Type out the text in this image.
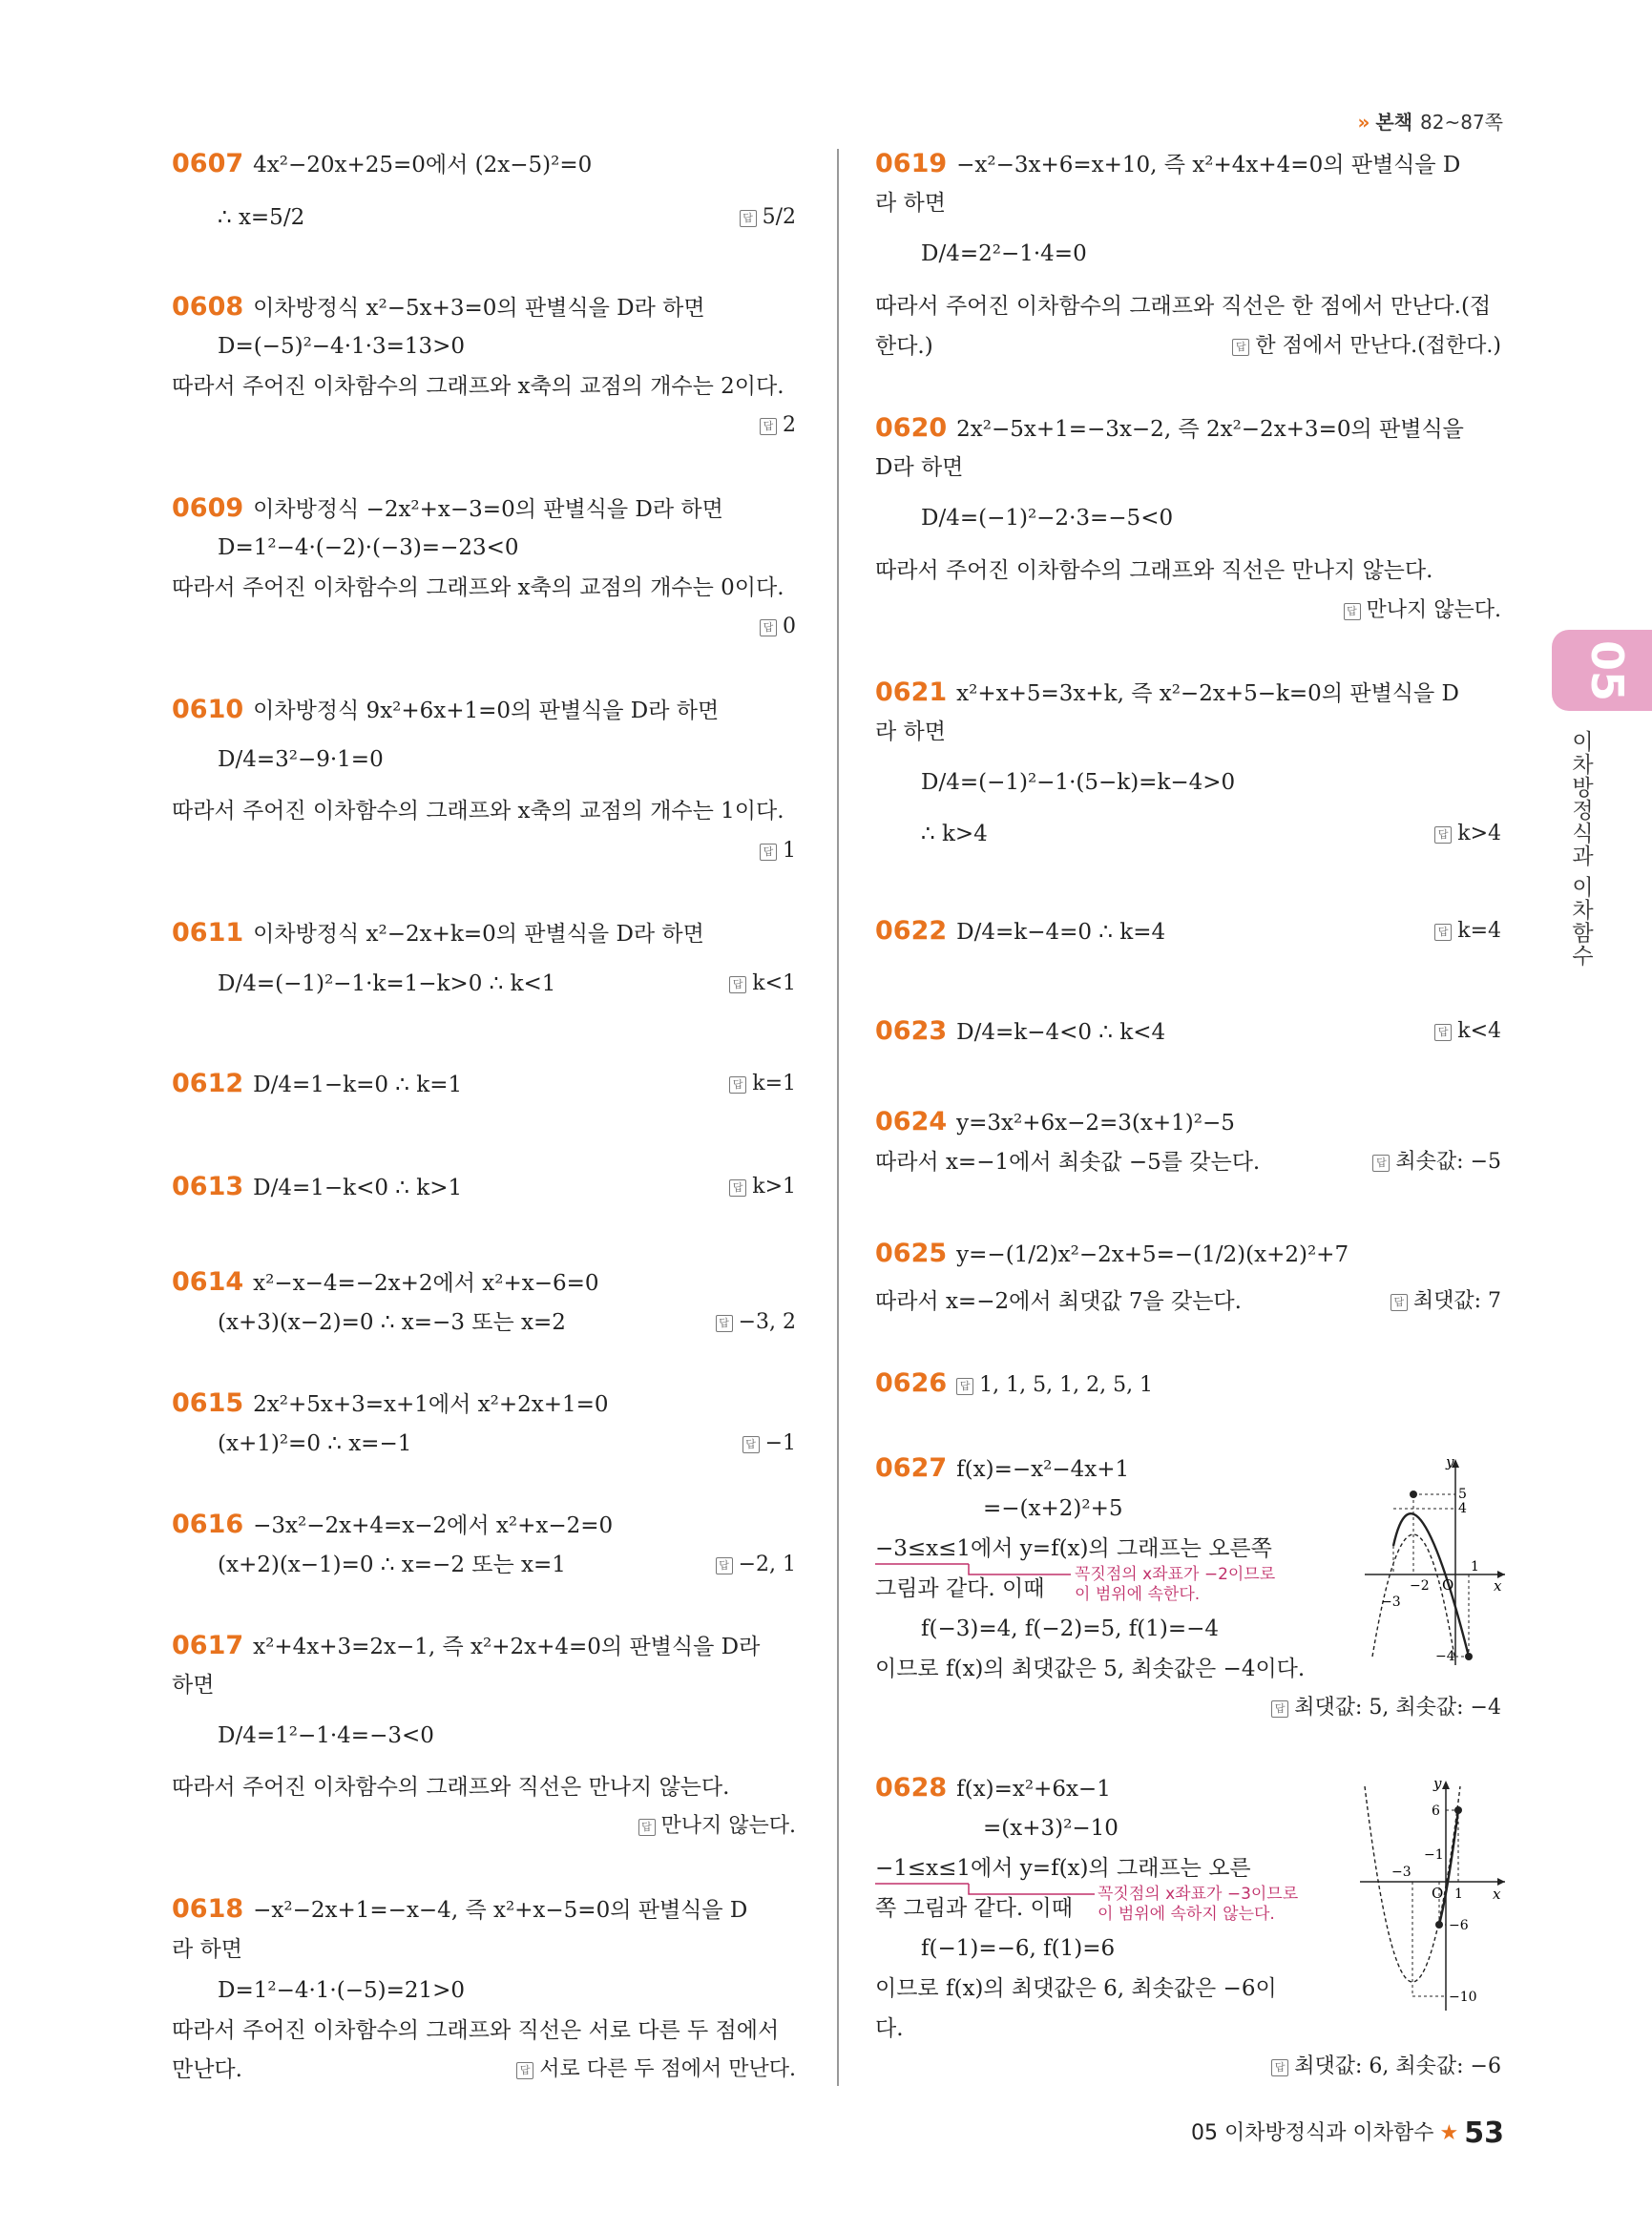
» 본책 82~87쪽
05
이차방정식과 이차함수
0607 4x²−20x+25=0에서 (2x−5)²=0
∴ x=5/2	답 5/2
0608 이차방정식 x²−5x+3=0의 판별식을 D라 하면
D=(−5)²−4·1·3=13>0
따라서 주어진 이차함수의 그래프와 x축의 교점의 개수는 2이다.
답 2
0609 이차방정식 −2x²+x−3=0의 판별식을 D라 하면
D=1²−4·(−2)·(−3)=−23<0
따라서 주어진 이차함수의 그래프와 x축의 교점의 개수는 0이다.
답 0
0610 이차방정식 9x²+6x+1=0의 판별식을 D라 하면
D/4=3²−9·1=0
따라서 주어진 이차함수의 그래프와 x축의 교점의 개수는 1이다.
답 1
0611 이차방정식 x²−2x+k=0의 판별식을 D라 하면
D/4=(−1)²−1·k=1−k>0 ∴ k<1	답 k<1
0612 D/4=1−k=0 ∴ k=1	답 k=1
0613 D/4=1−k<0 ∴ k>1	답 k>1
0614 x²−x−4=−2x+2에서 x²+x−6=0
(x+3)(x−2)=0 ∴ x=−3 또는 x=2	답 −3, 2
0615 2x²+5x+3=x+1에서 x²+2x+1=0
(x+1)²=0 ∴ x=−1	답 −1
0616 −3x²−2x+4=x−2에서 x²+x−2=0
(x+2)(x−1)=0 ∴ x=−2 또는 x=1	답 −2, 1
0617 x²+4x+3=2x−1, 즉 x²+2x+4=0의 판별식을 D라
하면
D/4=1²−1·4=−3<0
따라서 주어진 이차함수의 그래프와 직선은 만나지 않는다.
답 만나지 않는다.
0618 −x²−2x+1=−x−4, 즉 x²+x−5=0의 판별식을 D
라 하면
D=1²−4·1·(−5)=21>0
따라서 주어진 이차함수의 그래프와 직선은 서로 다른 두 점에서
만난다.	답 서로 다른 두 점에서 만난다.
0619 −x²−3x+6=x+10, 즉 x²+4x+4=0의 판별식을 D
라 하면
D/4=2²−1·4=0
따라서 주어진 이차함수의 그래프와 직선은 한 점에서 만난다.(접
한다.)	답 한 점에서 만난다.(접한다.)
0620 2x²−5x+1=−3x−2, 즉 2x²−2x+3=0의 판별식을
D라 하면
D/4=(−1)²−2·3=−5<0
따라서 주어진 이차함수의 그래프와 직선은 만나지 않는다.
답 만나지 않는다.
0621 x²+x+5=3x+k, 즉 x²−2x+5−k=0의 판별식을 D
라 하면
D/4=(−1)²−1·(5−k)=k−4>0
∴ k>4	답 k>4
0622 D/4=k−4=0 ∴ k=4	답 k=4
0623 D/4=k−4<0 ∴ k<4	답 k<4
0624 y=3x²+6x−2=3(x+1)²−5
따라서 x=−1에서 최솟값 −5를 갖는다.	답 최솟값: −5
0625 y=−(1/2)x²−2x+5=−(1/2)(x+2)²+7
따라서 x=−2에서 최댓값 7을 갖는다.	답 최댓값: 7
0626 답 1, 1, 5, 1, 2, 5, 1
0627 f(x)=−x²−4x+1
=−(x+2)²+5
−3≤x≤1에서 y=f(x)의 그래프는 오른쪽
그림과 같다. 이때
꼭짓점의 x좌표가 −2이므로
이 범위에 속한다.
f(−3)=4, f(−2)=5, f(1)=−4
이므로 f(x)의 최댓값은 5, 최솟값은 −4이다.
답 최댓값: 5, 최솟값: −4
y
x
O
5
4
1
−2
−3
−4
0628 f(x)=x²+6x−1
=(x+3)²−10
−1≤x≤1에서 y=f(x)의 그래프는 오른
쪽 그림과 같다. 이때
꼭짓점의 x좌표가 −3이므로
이 범위에 속하지 않는다.
f(−1)=−6, f(1)=6
이므로 f(x)의 최댓값은 6, 최솟값은 −6이
다.
답 최댓값: 6, 최솟값: −6
y
x
O
6
−1
−3
1
−6
−10
05 이차방정식과 이차함수 ★ 53
